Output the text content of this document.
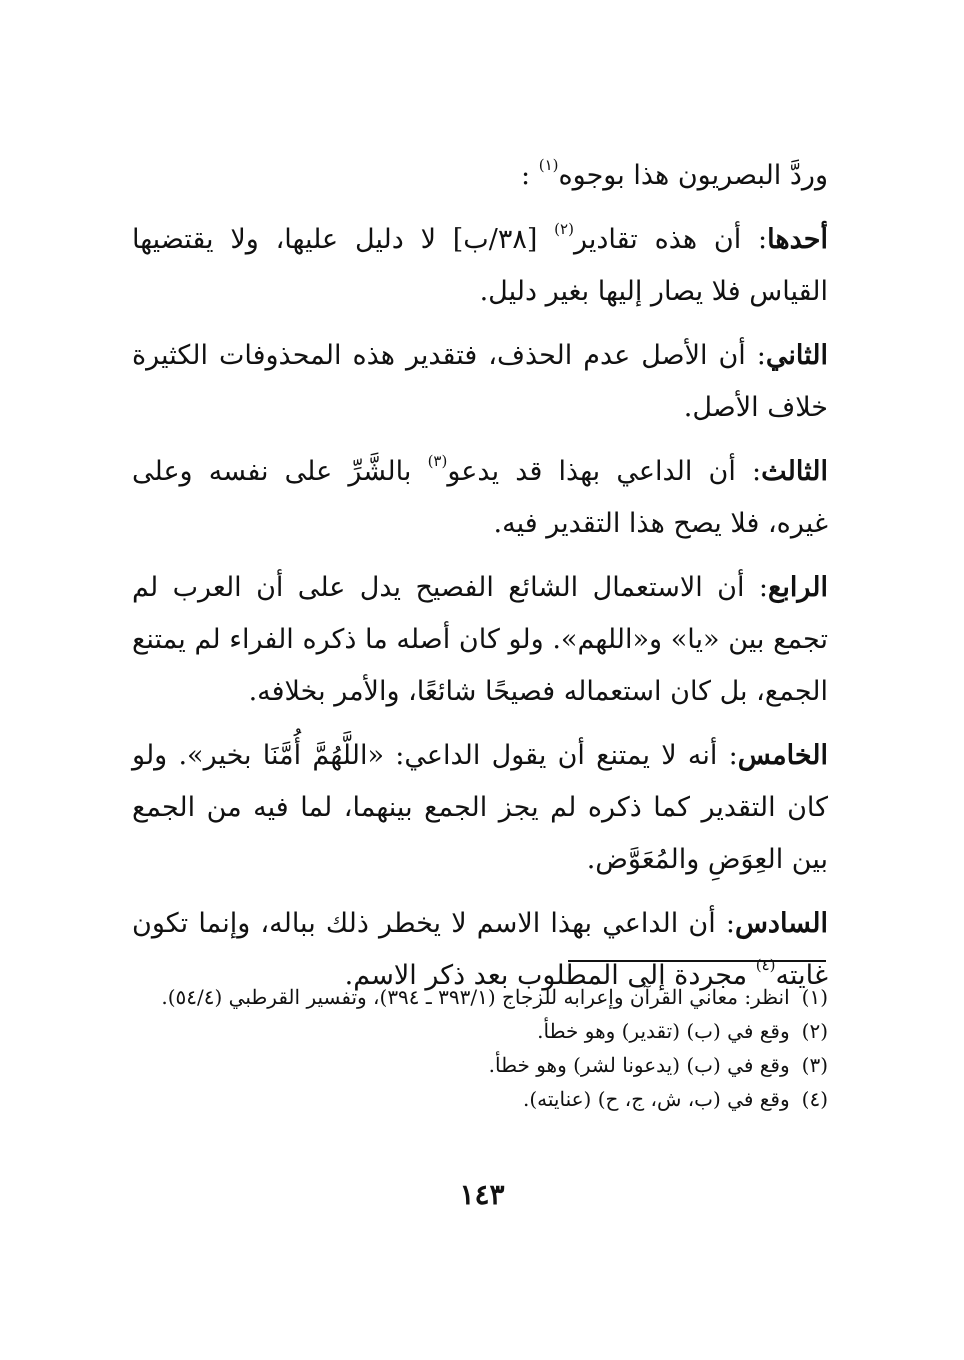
وردَّ البصريون هذا بوجوه$^{(١)}$ :

أحدها: أن هذه تقادير$^{(٢)}$ [٣٨/ب] لا دليل عليها، ولا يقتضيها القياس فلا يصار إليها بغير دليل.

الثاني: أن الأصل عدم الحذف، فتقدير هذه المحذوفات الكثيرة خلاف الأصل.

الثالث: أن الداعي بهذا قد يدعو$^{(٣)}$ بالشَّرِّ على نفسه وعلى غيره، فلا يصح هذا التقدير فيه.

الرابع: أن الاستعمال الشائع الفصيح يدل على أن العرب لم تجمع بين «يا» و«اللهم». ولو كان أصله ما ذكره الفراء لم يمتنع الجمع، بل كان استعماله فصيحًا شائعًا، والأمر بخلافه.

الخامس: أنه لا يمتنع أن يقول الداعي: «اللَّهُمَّ أُمَّنَا بخير». ولو كان التقدير كما ذكره لم يجز الجمع بينهما، لما فيه من الجمع بين العِوَضِ والمُعَوَّض.

السادس: أن الداعي بهذا الاسم لا يخطر ذلك بباله، وإنما تكون غايته$^{(٤)}$ مجردة إلى المطلوب بعد ذكر الاسم.

(١)
انظر: معاني القرآن وإعرابه للزجاج (٣٩٣/١ ـ ٣٩٤)، وتفسير القرطبي (٥٤/٤).
(٢)
وقع في (ب) (تقدير) وهو خطأ.
(٣)
وقع في (ب) (يدعونا لشر) وهو خطأ.
(٤)
وقع في (ب، ش، ج، ح) (عنايته).
١٤٣
